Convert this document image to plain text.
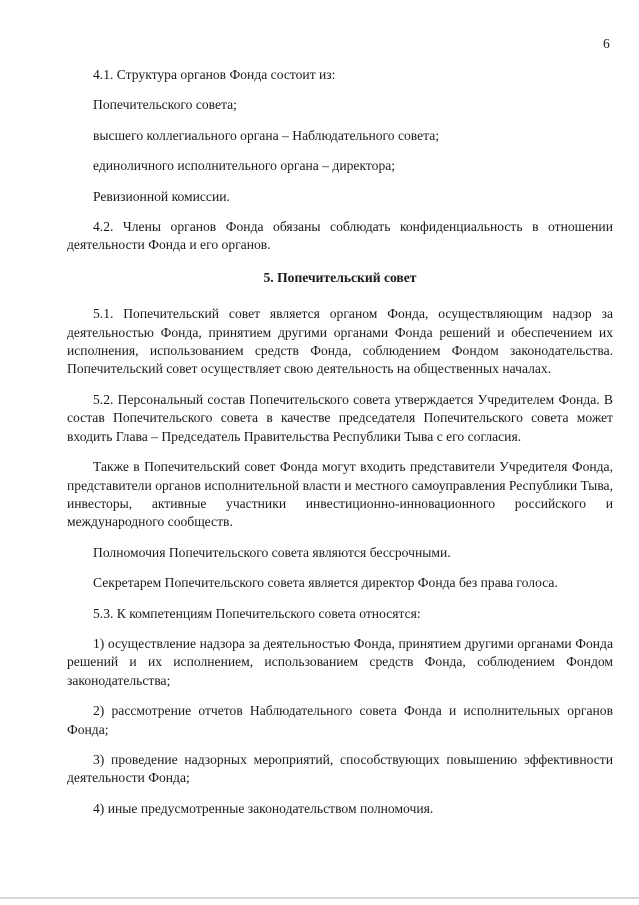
6

4.1. Структура органов Фонда состоит из:

Попечительского совета;

высшего коллегиального органа – Наблюдательного совета;

единоличного исполнительного органа – директора;

Ревизионной комиссии.

4.2. Члены органов Фонда обязаны соблюдать конфиденциальность в отношении деятельности Фонда и его органов.

5. Попечительский совет

5.1. Попечительский совет является органом Фонда, осуществляющим надзор за деятельностью Фонда, принятием другими органами Фонда решений и обеспечением их исполнения, использованием средств Фонда, соблюдением Фондом законодательства. Попечительский совет осуществляет свою деятельность на общественных началах.

5.2. Персональный состав Попечительского совета утверждается Учредителем Фонда. В состав Попечительского совета в качестве председателя Попечительского совета может входить Глава – Председатель Правительства Республики Тыва с его согласия.

Также в Попечительский совет Фонда могут входить представители Учредителя Фонда, представители органов исполнительной власти и местного самоуправления Республики Тыва, инвесторы, активные участники инвестиционно-инновационного российского и международного сообществ.

Полномочия Попечительского совета являются бессрочными.

Секретарем Попечительского совета является директор Фонда без права голоса.

5.3. К компетенциям Попечительского совета относятся:

1) осуществление надзора за деятельностью Фонда, принятием другими органами Фонда решений и их исполнением, использованием средств Фонда, соблюдением Фондом законодательства;

2) рассмотрение отчетов Наблюдательного совета Фонда и исполнительных органов Фонда;

3) проведение надзорных мероприятий, способствующих повышению эффективности деятельности Фонда;

4) иные предусмотренные законодательством полномочия.
